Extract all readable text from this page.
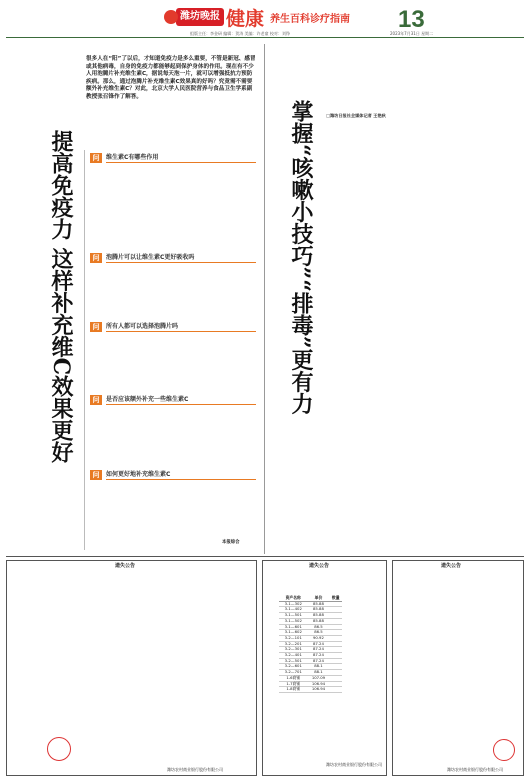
潍坊晚报 健康 养生百科诊疗指南 13
组版主任：李金研 编辑：贺涛 美编：许老童 校对：刘铮	2023年7月31日 星期二
很多人在“阳”了以后，才知道免疫力是多么重要，不管是新冠、感冒或其他病毒，自身的免疫力都能够起到保护身体的作用。现在有不少人用泡腾片补充维生素C，据说每天泡一片，就可以增强抵抗力预防疾病。那么，通过泡腾片补充维生素C效果真的好吗？究竟需不需要额外补充维生素C？对此，北京大学人民医院营养与食品卫生学系副教授张召锋作了解答。
提高免疫力 这样补充维C效果更好	问	维生素C有哪些作用
问	泡腾片可以让维生素C更好吸收吗
问	所有人都可以选择泡腾片吗
问	是否应该额外补充一些维生素C
问	如何更好地补充维生素C
本报综合
掌握“咳嗽小技巧”“排毒”更有力	□潍坊日报社全媒体记者 王艳秋
遗失公告
潍坊农村商业银行股份有限公司
遗失公告
资产名称	单价	数量
3-1—302	85.88	
3-1—402	85.88	
3-1—501	85.88	
3-1—502	85.88	
3-1—601	86.5	
3-1—602	86.5	
3-2—101	90.92	
3-2—201	87.24	
3-2—301	87.24	
3-2—401	87.24	
3-2—501	87.24	
3-2—601	88.1	
3-2—701	88.1	
1-6商铺	107.09	
1-7商铺	106.94	
1-8商铺	106.94	
潍坊农村商业银行股份有限公司
遗失公告
潍坊农村商业银行股份有限公司
